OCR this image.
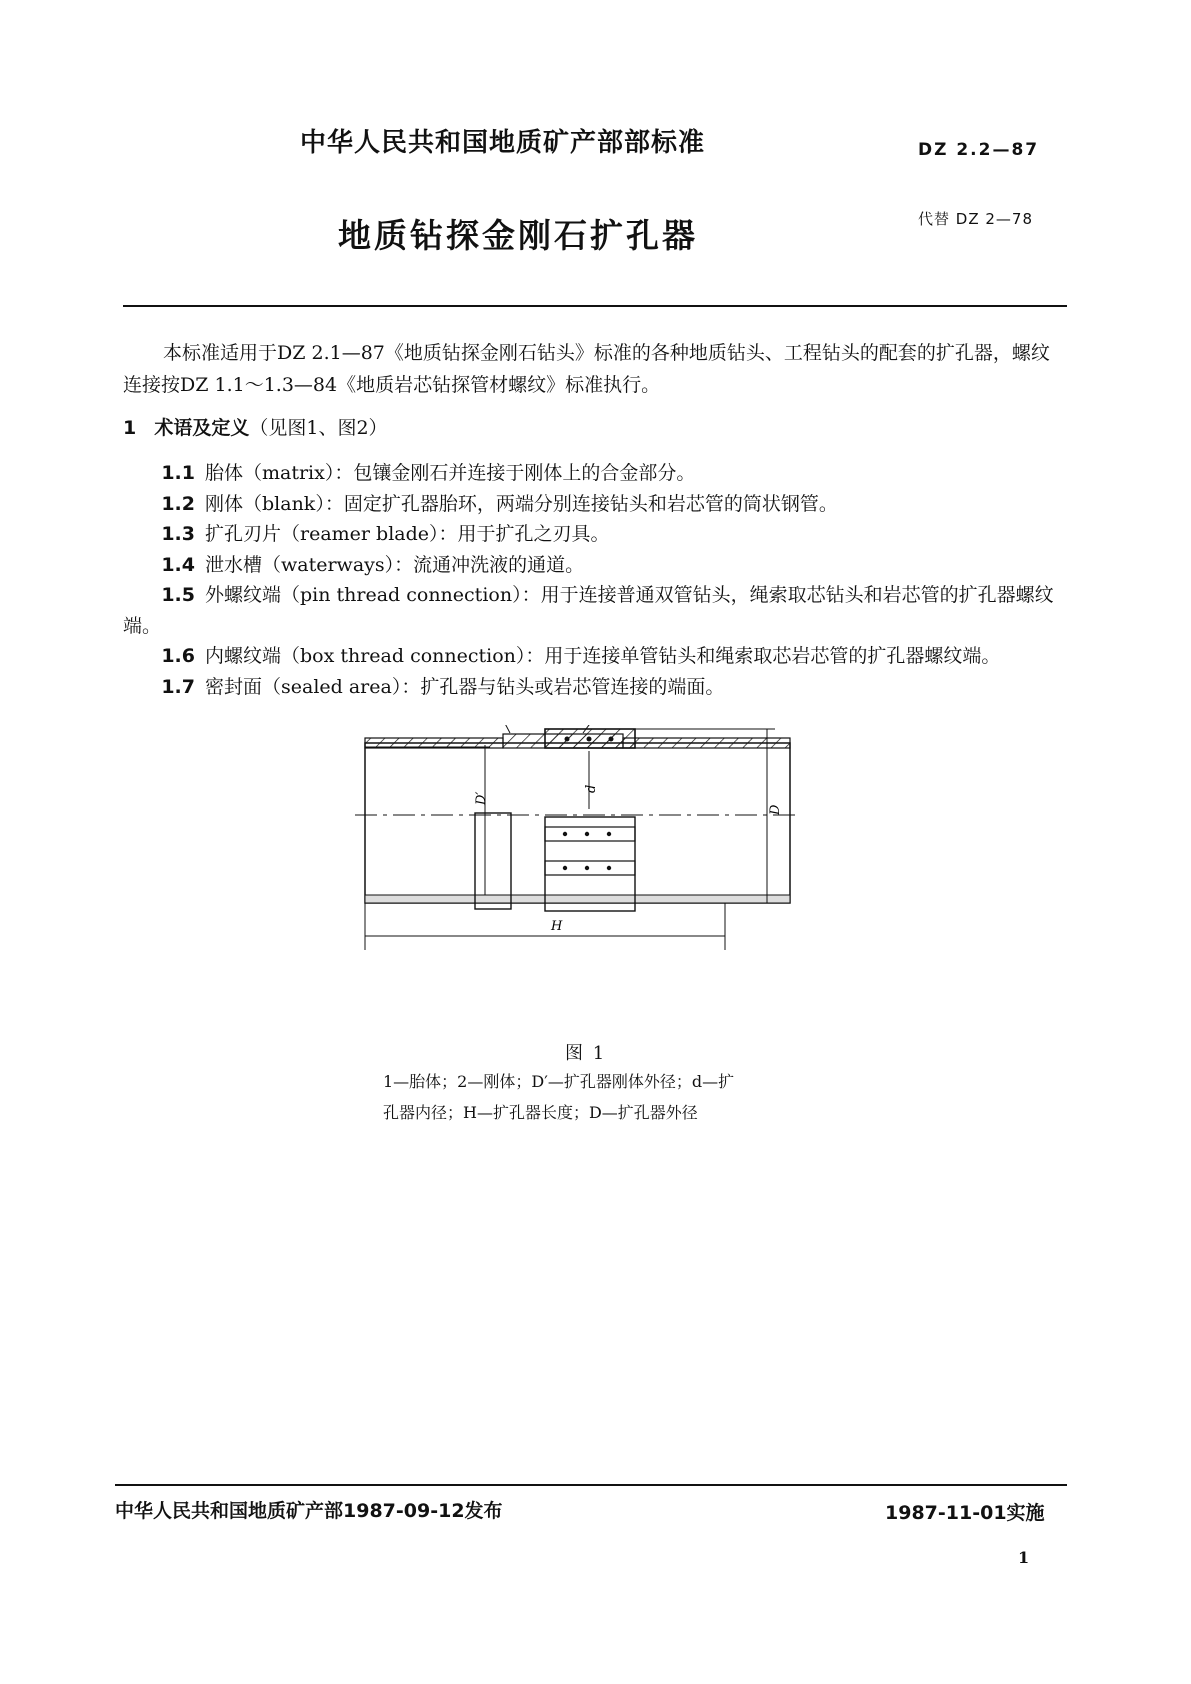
中华人民共和国地质矿产部部标准	DZ 2.2—87
地质钻探金刚石扩孔器	代替 DZ 2—78

本标准适用于DZ 2.1—87《地质钻探金刚石钻头》标准的各种地质钻头、工程钻头的配套的扩孔器，螺纹连接按DZ 1.1～1.3—84《地质岩芯钻探管材螺纹》标准执行。

1 术语及定义（见图1、图2）
1.1 胎体（matrix）：包镶金刚石并连接于刚体上的合金部分。
1.2 刚体（blank）：固定扩孔器胎环，两端分别连接钻头和岩芯管的筒状钢管。
1.3 扩孔刃片（reamer blade）：用于扩孔之刃具。
1.4 泄水槽（waterways）：流通冲洗液的通道。
1.5 外螺纹端（pin thread connection）：用于连接普通双管钻头，绳索取芯钻头和岩芯管的扩孔器螺纹端。
1.6 内螺纹端（box thread connection）：用于连接单管钻头和绳索取芯岩芯管的扩孔器螺纹端。
1.7 密封面（sealed area）：扩孔器与钻头或岩芯管连接的端面。
D′
d
D
H
图 1

1—胎体；2—刚体；D′—扩孔器刚体外径；d—扩
孔器内径；H—扩孔器长度；D—扩孔器外径

中华人民共和国地质矿产部1987-09-12发布	1987-11-01实施
1
